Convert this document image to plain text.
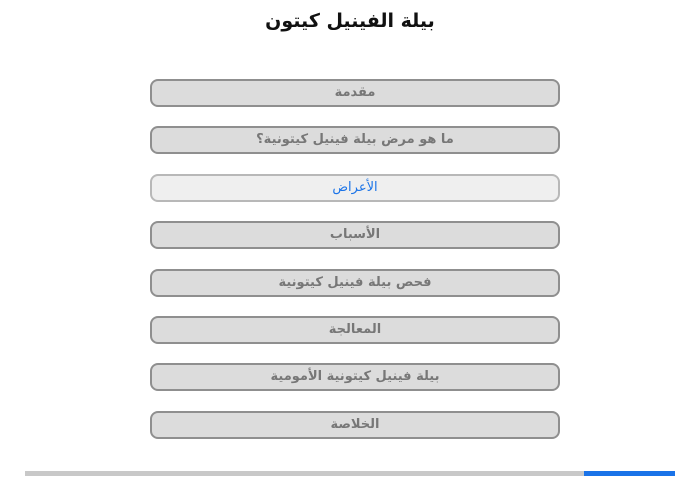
بيلة الفينيل كيتون
مقدمة
ما هو مرض بيلة فينيل كيتونية؟
الأعراض
الأسباب
فحص بيلة فينيل كيتونية
المعالجة
بيلة فينيل كيتونية الأمومية
الخلاصة
